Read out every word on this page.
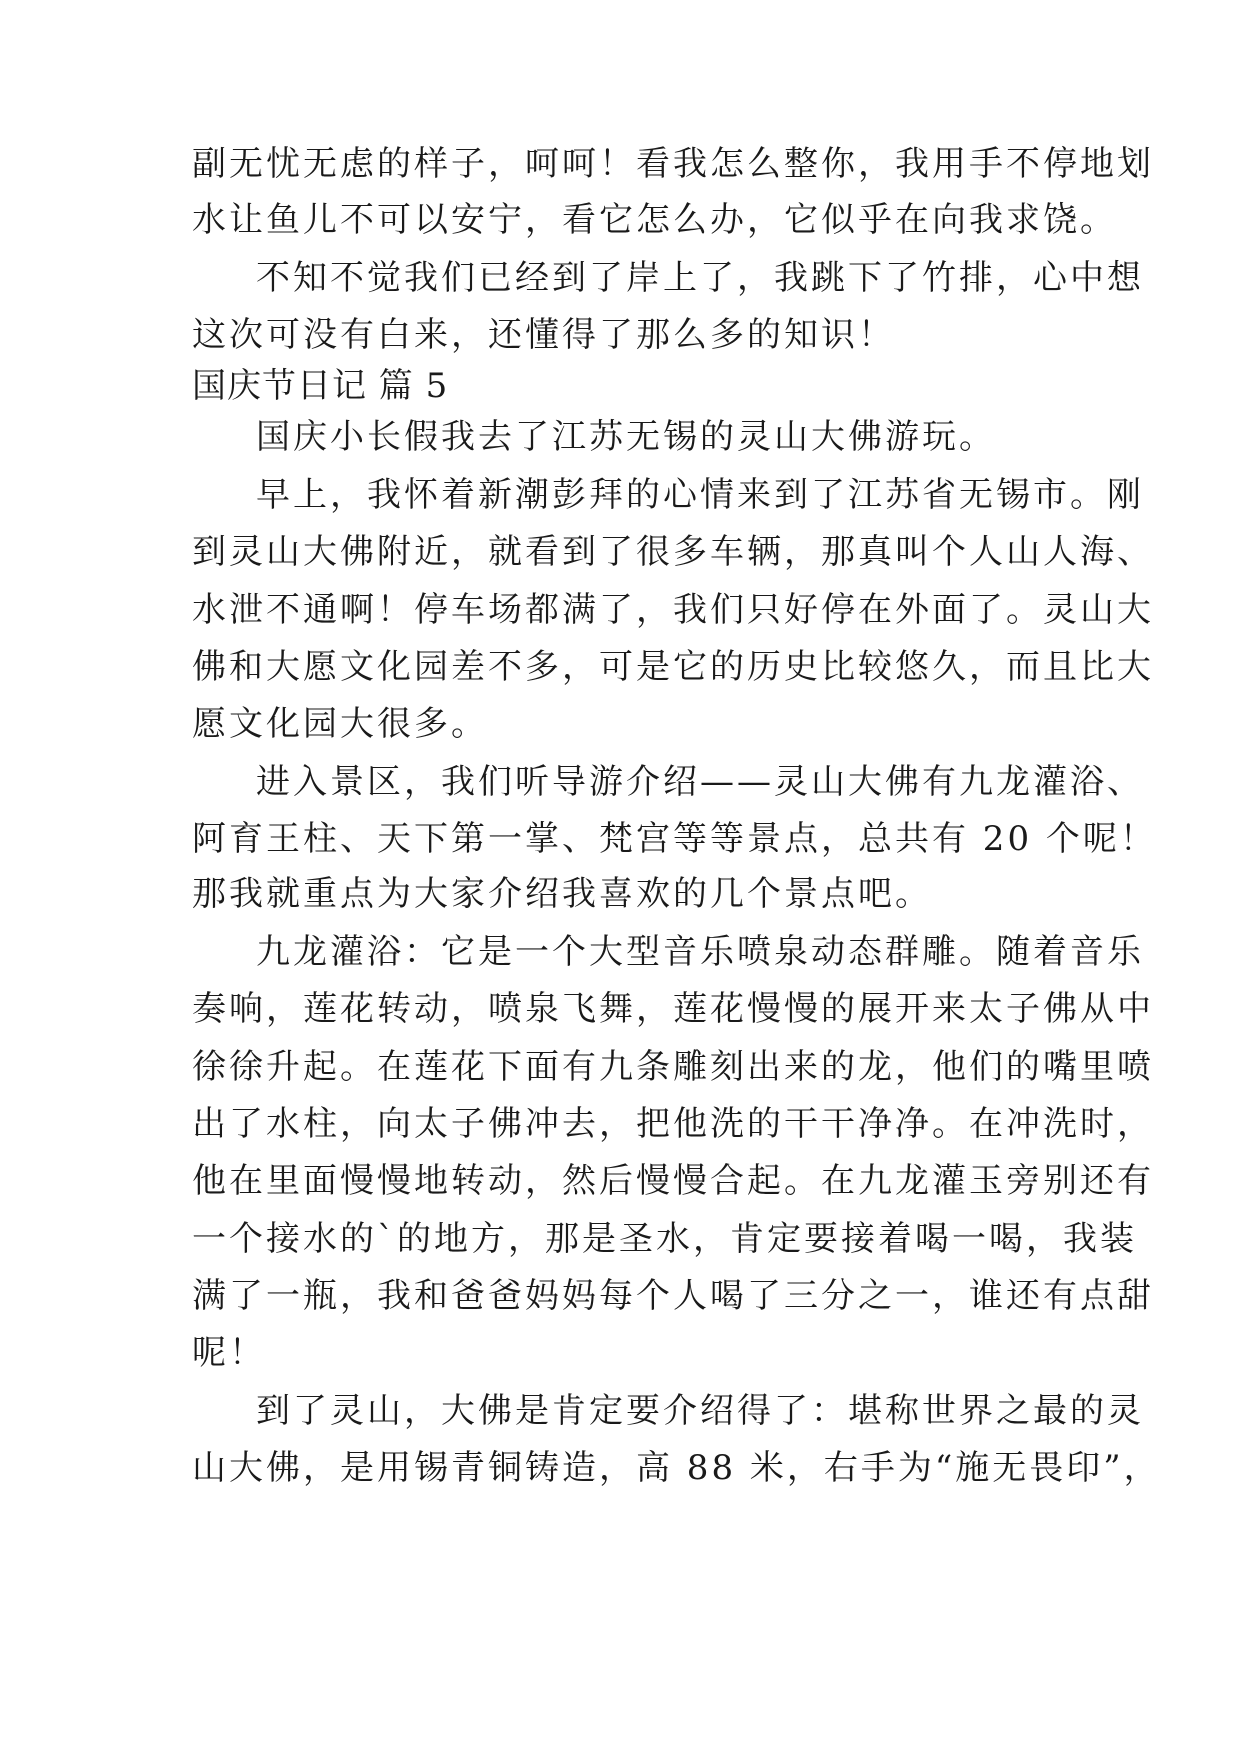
副无忧无虑的样子，呵呵！看我怎么整你，我用手不停地划
水让鱼儿不可以安宁，看它怎么办，它似乎在向我求饶。
不知不觉我们已经到了岸上了，我跳下了竹排，心中想
这次可没有白来，还懂得了那么多的知识！
国庆节日记 篇 5
国庆小长假我去了江苏无锡的灵山大佛游玩。
早上，我怀着新潮彭拜的心情来到了江苏省无锡市。刚
到灵山大佛附近，就看到了很多车辆，那真叫个人山人海、
水泄不通啊！停车场都满了，我们只好停在外面了。灵山大
佛和大愿文化园差不多，可是它的历史比较悠久，而且比大
愿文化园大很多。
进入景区，我们听导游介绍——灵山大佛有九龙灌浴、
阿育王柱、天下第一掌、梵宫等等景点，总共有 20 个呢！
那我就重点为大家介绍我喜欢的几个景点吧。
九龙灌浴：它是一个大型音乐喷泉动态群雕。随着音乐
奏响，莲花转动，喷泉飞舞，莲花慢慢的展开来太子佛从中
徐徐升起。在莲花下面有九条雕刻出来的龙，他们的嘴里喷
出了水柱，向太子佛冲去，把他洗的干干净净。在冲洗时，
他在里面慢慢地转动，然后慢慢合起。在九龙灌玉旁别还有
一个接水的`的地方，那是圣水，肯定要接着喝一喝，我装
满了一瓶，我和爸爸妈妈每个人喝了三分之一，谁还有点甜
呢！
到了灵山，大佛是肯定要介绍得了：堪称世界之最的灵
山大佛，是用锡青铜铸造，高 88 米，右手为“施无畏印”，
